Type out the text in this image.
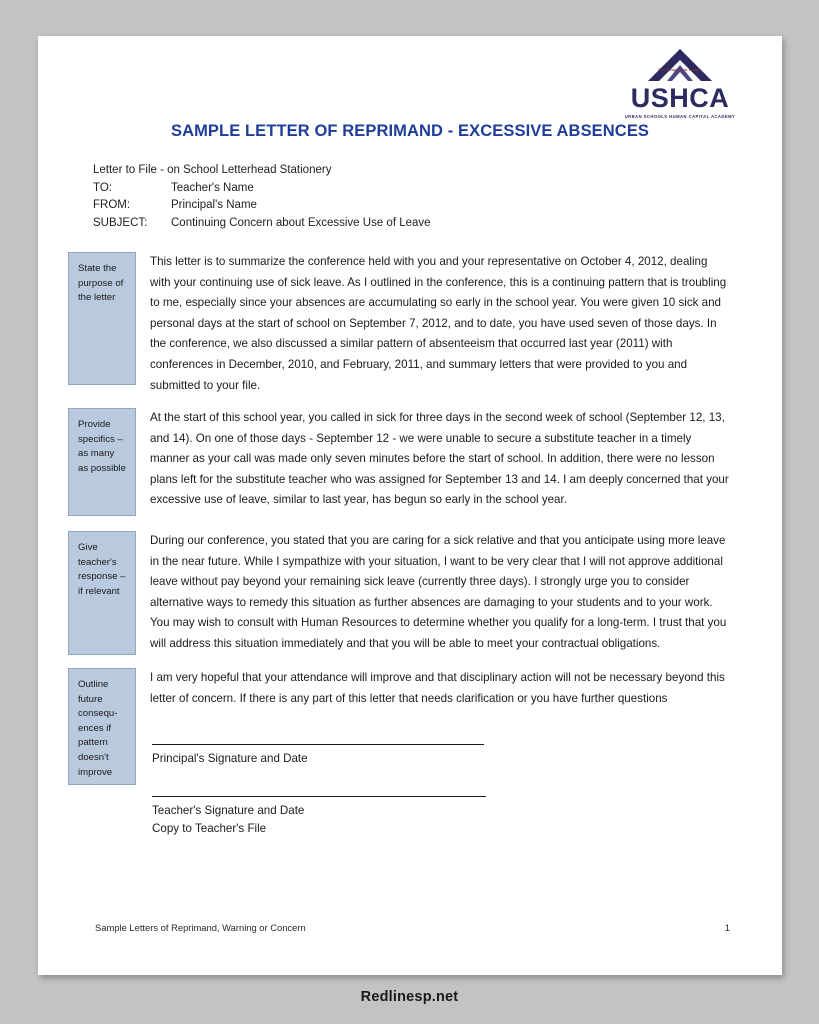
Best People Best Results
USHCA
URBAN SCHOOLS HUMAN CAPITAL ACADEMY
SAMPLE LETTER OF REPRIMAND - EXCESSIVE ABSENCES
Letter to File - on School Letterhead Stationery
TO:	Teacher's Name
FROM:	Principal's Name
SUBJECT:	Continuing Concern about Excessive Use of Leave
State the purpose of the letter
This letter is to summarize the conference held with you and your representative on October 4, 2012, dealing with your continuing use of sick leave. As I outlined in the conference, this is a continuing pattern that is troubling to me, especially since your absences are accumulating so early in the school year. You were given 10 sick and personal days at the start of school on September 7, 2012, and to date, you have used seven of those days. In the conference, we also discussed a similar pattern of absenteeism that occurred last year (2011) with conferences in December, 2010, and February, 2011, and summary letters that were provided to you and submitted to your file.
Provide specifics – as many as possible
At the start of this school year, you called in sick for three days in the second week of school (September 12, 13, and 14). On one of those days - September 12 - we were unable to secure a substitute teacher in a timely manner as your call was made only seven minutes before the start of school. In addition, there were no lesson plans left for the substitute teacher who was assigned for September 13 and 14. I am deeply concerned that your excessive use of leave, similar to last year, has begun so early in the school year.
Give teacher's response – if relevant
During our conference, you stated that you are caring for a sick relative and that you anticipate using more leave in the near future. While I sympathize with your situation, I want to be very clear that I will not approve additional leave without pay beyond your remaining sick leave (currently three days). I strongly urge you to consider alternative ways to remedy this situation as further absences are damaging to your students and to your work. You may wish to consult with Human Resources to determine whether you qualify for a long-term. I trust that you will address this situation immediately and that you will be able to meet your contractual obligations.
Outline future consequ-ences if pattern doesn't improve
I am very hopeful that your attendance will improve and that disciplinary action will not be necessary beyond this letter of concern. If there is any part of this letter that needs clarification or you have further questions
Principal's Signature and Date
Teacher's Signature and Date
Copy to Teacher's File
Sample Letters of Reprimand, Warning or Concern	1
Redlinesp.net
